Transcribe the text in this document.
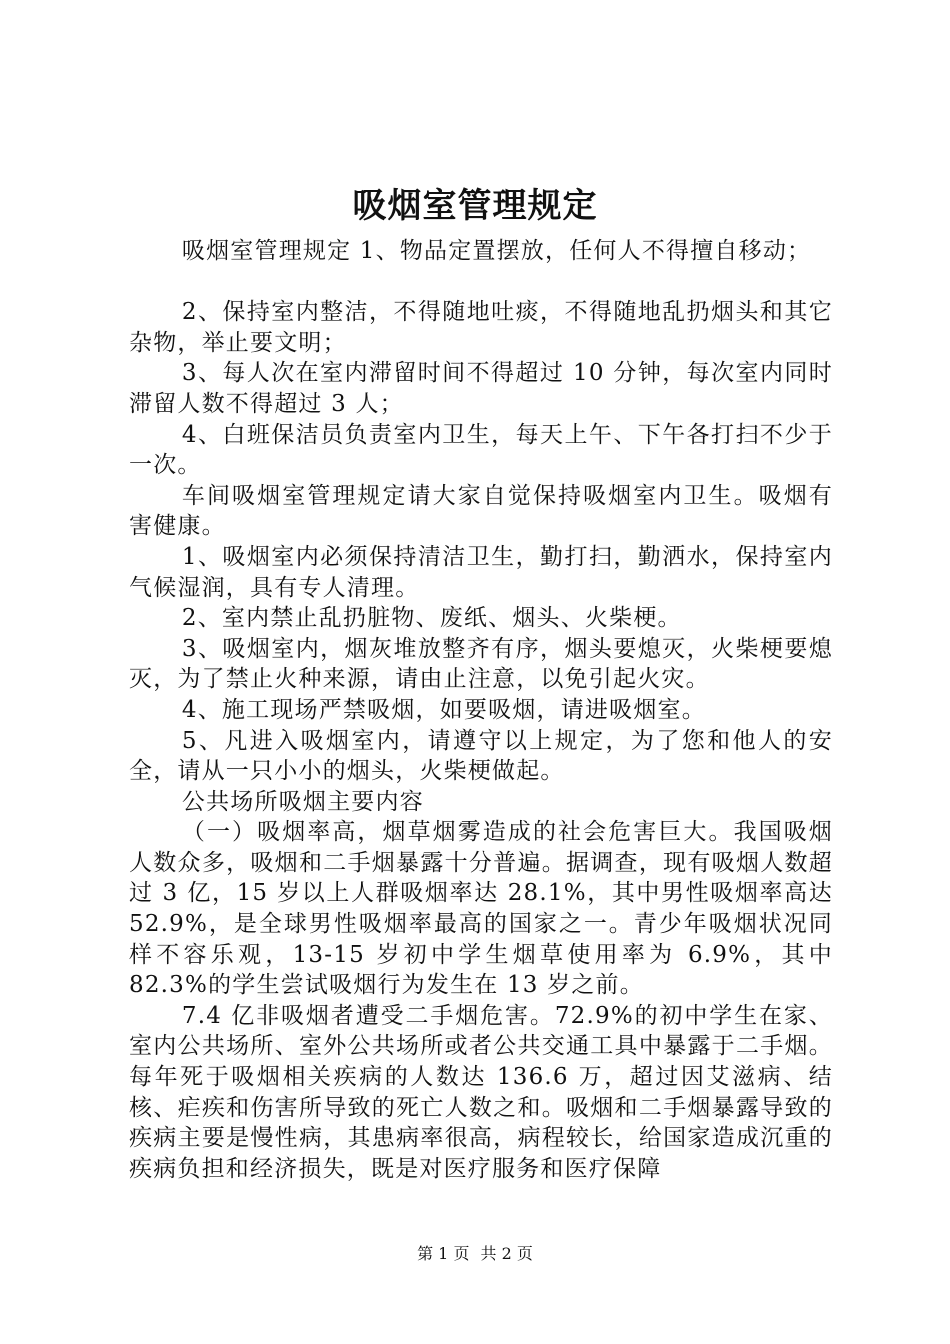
吸烟室管理规定

吸烟室管理规定 1、物品定置摆放，任何人不得擅自移动；

2、保持室内整洁，不得随地吐痰，不得随地乱扔烟头和其它杂物，举止要文明；

3、每人次在室内滞留时间不得超过 10 分钟，每次室内同时滞留人数不得超过 3 人；

4、白班保洁员负责室内卫生，每天上午、下午各打扫不少于一次。

车间吸烟室管理规定请大家自觉保持吸烟室内卫生。吸烟有害健康。

1、吸烟室内必须保持清洁卫生，勤打扫，勤洒水，保持室内气候湿润，具有专人清理。

2、室内禁止乱扔脏物、废纸、烟头、火柴梗。

3、吸烟室内，烟灰堆放整齐有序，烟头要熄灭，火柴梗要熄灭，为了禁止火种来源，请由止注意，以免引起火灾。

4、施工现场严禁吸烟，如要吸烟，请进吸烟室。

5、凡进入吸烟室内，请遵守以上规定，为了您和他人的安全，请从一只小小的烟头，火柴梗做起。

公共场所吸烟主要内容

（一）吸烟率高，烟草烟雾造成的社会危害巨大。我国吸烟人数众多，吸烟和二手烟暴露十分普遍。据调查，现有吸烟人数超过 3 亿，15 岁以上人群吸烟率达 28.1%，其中男性吸烟率高达 52.9%，是全球男性吸烟率最高的国家之一。青少年吸烟状况同样不容乐观，13-15 岁初中学生烟草使用率为 6.9%，其中 82.3%的学生尝试吸烟行为发生在 13 岁之前。

7.4 亿非吸烟者遭受二手烟危害。72.9%的初中学生在家、室内公共场所、室外公共场所或者公共交通工具中暴露于二手烟。每年死于吸烟相关疾病的人数达 136.6 万，超过因艾滋病、结核、疟疾和伤害所导致的死亡人数之和。吸烟和二手烟暴露导致的疾病主要是慢性病，其患病率很高，病程较长，给国家造成沉重的疾病负担和经济损失，既是对医疗服务和医疗保障

第 1 页 共 2 页
